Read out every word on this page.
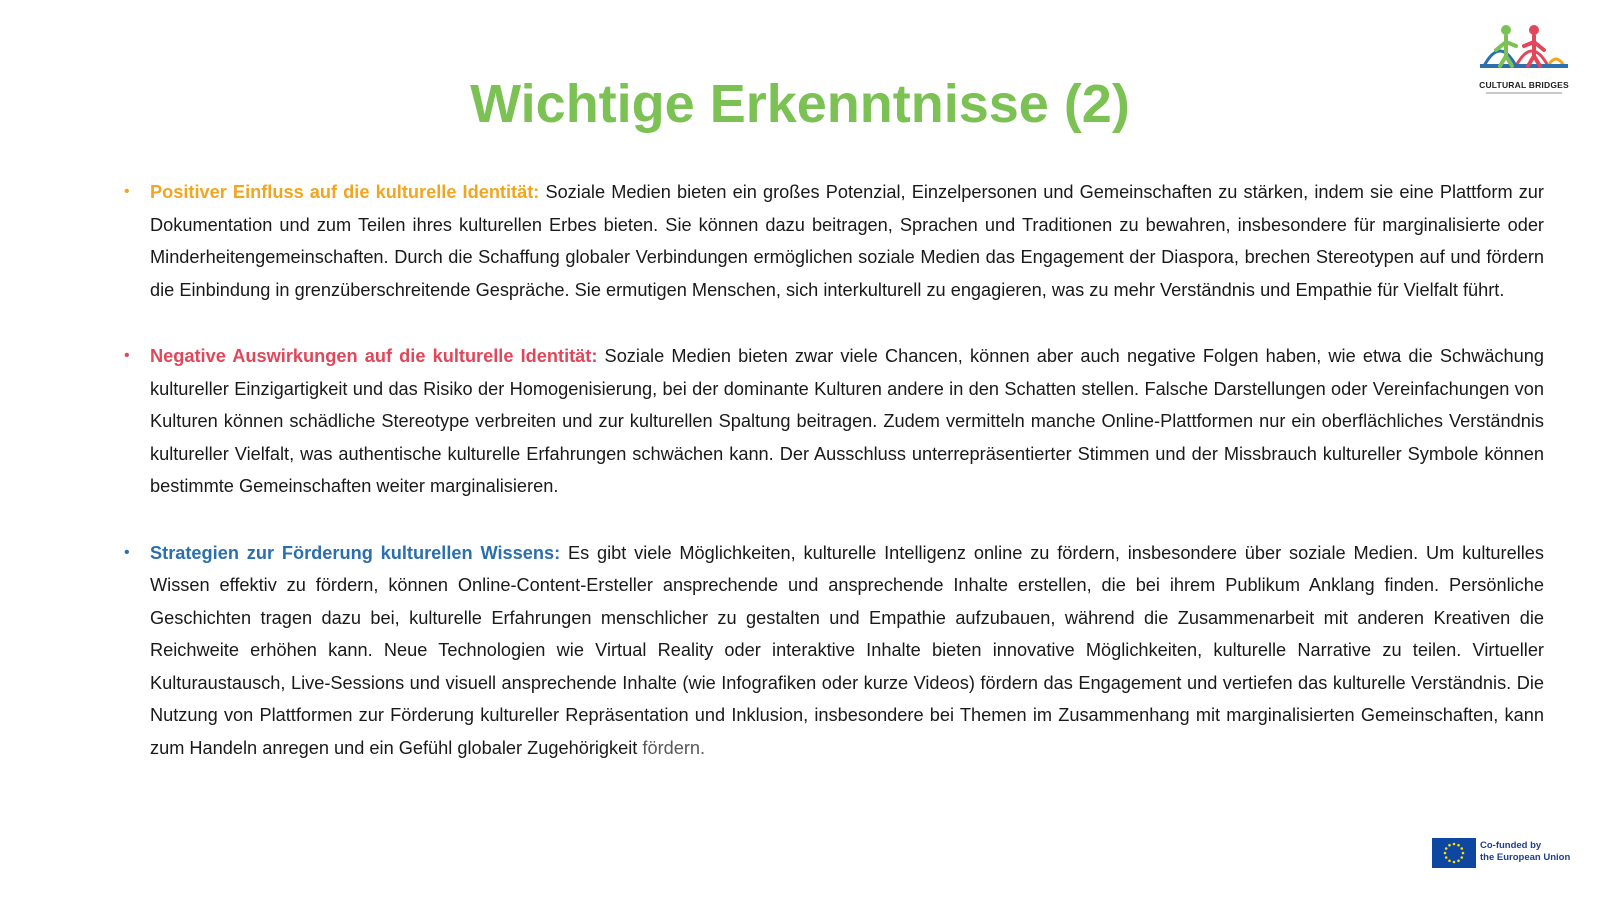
CULTURAL BRIDGES
Wichtige Erkenntnisse (2)

• Positiver Einfluss auf die kulturelle Identität: Soziale Medien bieten ein großes Potenzial, Einzelpersonen und Gemeinschaften zu stärken, indem sie eine Plattform zur Dokumentation und zum Teilen ihres kulturellen Erbes bieten. Sie können dazu beitragen, Sprachen und Traditionen zu bewahren, insbesondere für marginalisierte oder Minderheitengemeinschaften. Durch die Schaffung globaler Verbindungen ermöglichen soziale Medien das Engagement der Diaspora, brechen Stereotypen auf und fördern die Einbindung in grenzüberschreitende Gespräche. Sie ermutigen Menschen, sich interkulturell zu engagieren, was zu mehr Verständnis und Empathie für Vielfalt führt.

• Negative Auswirkungen auf die kulturelle Identität: Soziale Medien bieten zwar viele Chancen, können aber auch negative Folgen haben, wie etwa die Schwächung kultureller Einzigartigkeit und das Risiko der Homogenisierung, bei der dominante Kulturen andere in den Schatten stellen. Falsche Darstellungen oder Vereinfachungen von Kulturen können schädliche Stereotype verbreiten und zur kulturellen Spaltung beitragen. Zudem vermitteln manche Online-Plattformen nur ein oberflächliches Verständnis kultureller Vielfalt, was authentische kulturelle Erfahrungen schwächen kann. Der Ausschluss unterrepräsentierter Stimmen und der Missbrauch kultureller Symbole können bestimmte Gemeinschaften weiter marginalisieren.

• Strategien zur Förderung kulturellen Wissens: Es gibt viele Möglichkeiten, kulturelle Intelligenz online zu fördern, insbesondere über soziale Medien. Um kulturelles Wissen effektiv zu fördern, können Online-Content-Ersteller ansprechende und ansprechende Inhalte erstellen, die bei ihrem Publikum Anklang finden. Persönliche Geschichten tragen dazu bei, kulturelle Erfahrungen menschlicher zu gestalten und Empathie aufzubauen, während die Zusammenarbeit mit anderen Kreativen die Reichweite erhöhen kann. Neue Technologien wie Virtual Reality oder interaktive Inhalte bieten innovative Möglichkeiten, kulturelle Narrative zu teilen. Virtueller Kulturaustausch, Live-Sessions und visuell ansprechende Inhalte (wie Infografiken oder kurze Videos) fördern das Engagement und vertiefen das kulturelle Verständnis. Die Nutzung von Plattformen zur Förderung kultureller Repräsentation und Inklusion, insbesondere bei Themen im Zusammenhang mit marginalisierten Gemeinschaften, kann zum Handeln anregen und ein Gefühl globaler Zugehörigkeit fördern.

Co-funded by
the European Union
